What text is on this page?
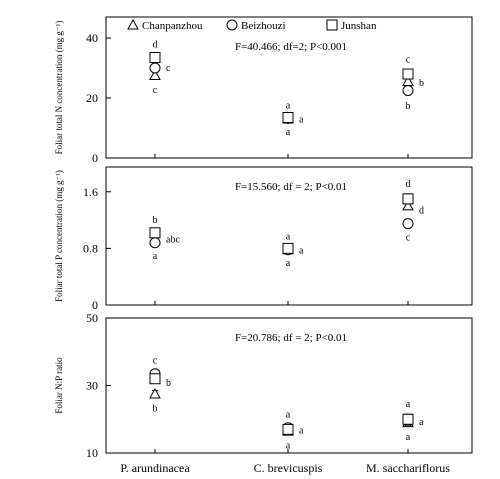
0
20
40
Foliar total N concentration (mg g⁻¹)	F=40.466; df=2; P<0.001
d
c
c
a
a
a
c
b
b
0
0.8
1.6
Foliar total P concentration (mg g⁻¹)	F=15.560; df = 2; P<0.01
b
abc
a
a
a
a
d
d
c
10
30
50
Foliar N:P ratio
F=20.786; df = 2; P<0.01
c
b
b
a
a
a
a
a
a
Chanpanzhou	Beizhouzi	Junshan
P. arundinacea	C. brevicuspis	M. sacchariflorus
